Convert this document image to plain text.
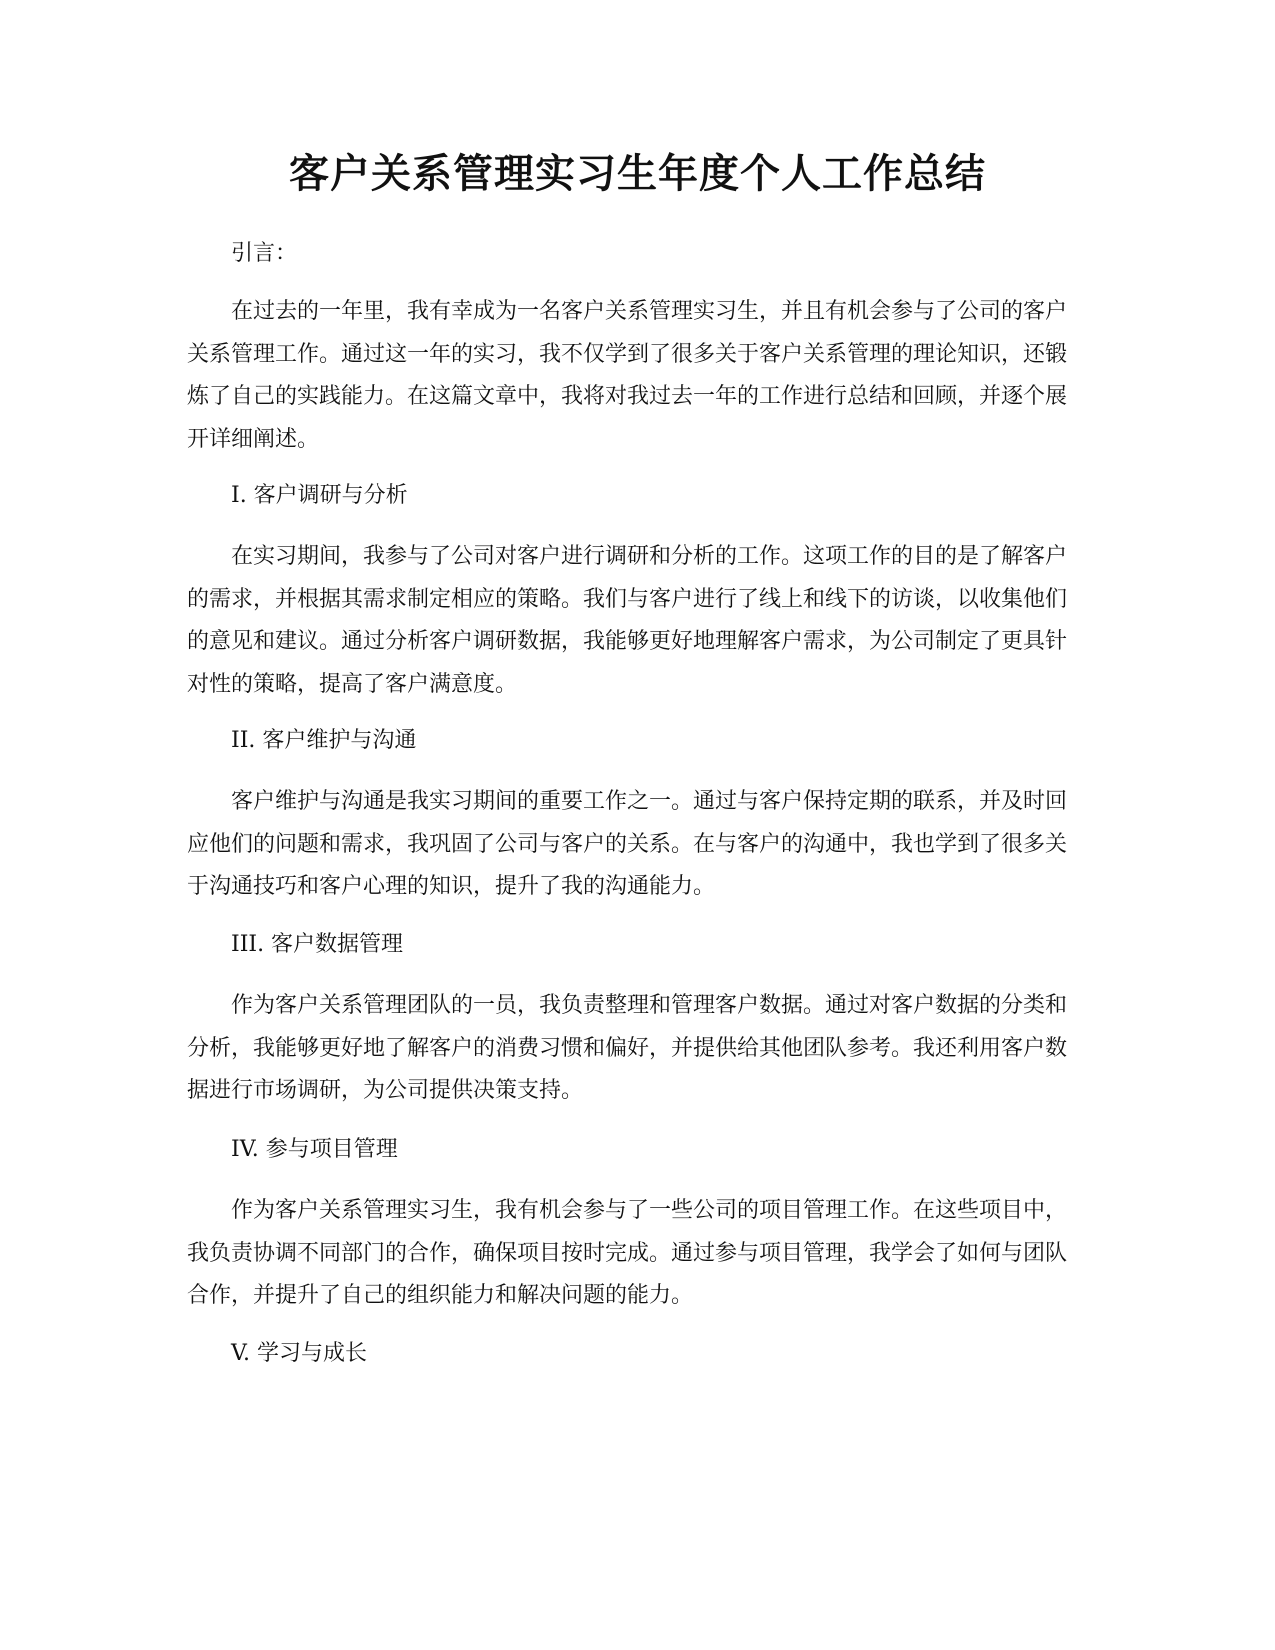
客户关系管理实习生年度个人工作总结

引言：

在过去的一年里，我有幸成为一名客户关系管理实习生，并且有机会参与了公司的客户关系管理工作。通过这一年的实习，我不仅学到了很多关于客户关系管理的理论知识，还锻炼了自己的实践能力。在这篇文章中，我将对我过去一年的工作进行总结和回顾，并逐个展开详细阐述。

I. 客户调研与分析

在实习期间，我参与了公司对客户进行调研和分析的工作。这项工作的目的是了解客户的需求，并根据其需求制定相应的策略。我们与客户进行了线上和线下的访谈，以收集他们的意见和建议。通过分析客户调研数据，我能够更好地理解客户需求，为公司制定了更具针对性的策略，提高了客户满意度。

II. 客户维护与沟通

客户维护与沟通是我实习期间的重要工作之一。通过与客户保持定期的联系，并及时回应他们的问题和需求，我巩固了公司与客户的关系。在与客户的沟通中，我也学到了很多关于沟通技巧和客户心理的知识，提升了我的沟通能力。

III. 客户数据管理

作为客户关系管理团队的一员，我负责整理和管理客户数据。通过对客户数据的分类和分析，我能够更好地了解客户的消费习惯和偏好，并提供给其他团队参考。我还利用客户数据进行市场调研，为公司提供决策支持。

IV. 参与项目管理

作为客户关系管理实习生，我有机会参与了一些公司的项目管理工作。在这些项目中，我负责协调不同部门的合作，确保项目按时完成。通过参与项目管理，我学会了如何与团队合作，并提升了自己的组织能力和解决问题的能力。

V. 学习与成长
